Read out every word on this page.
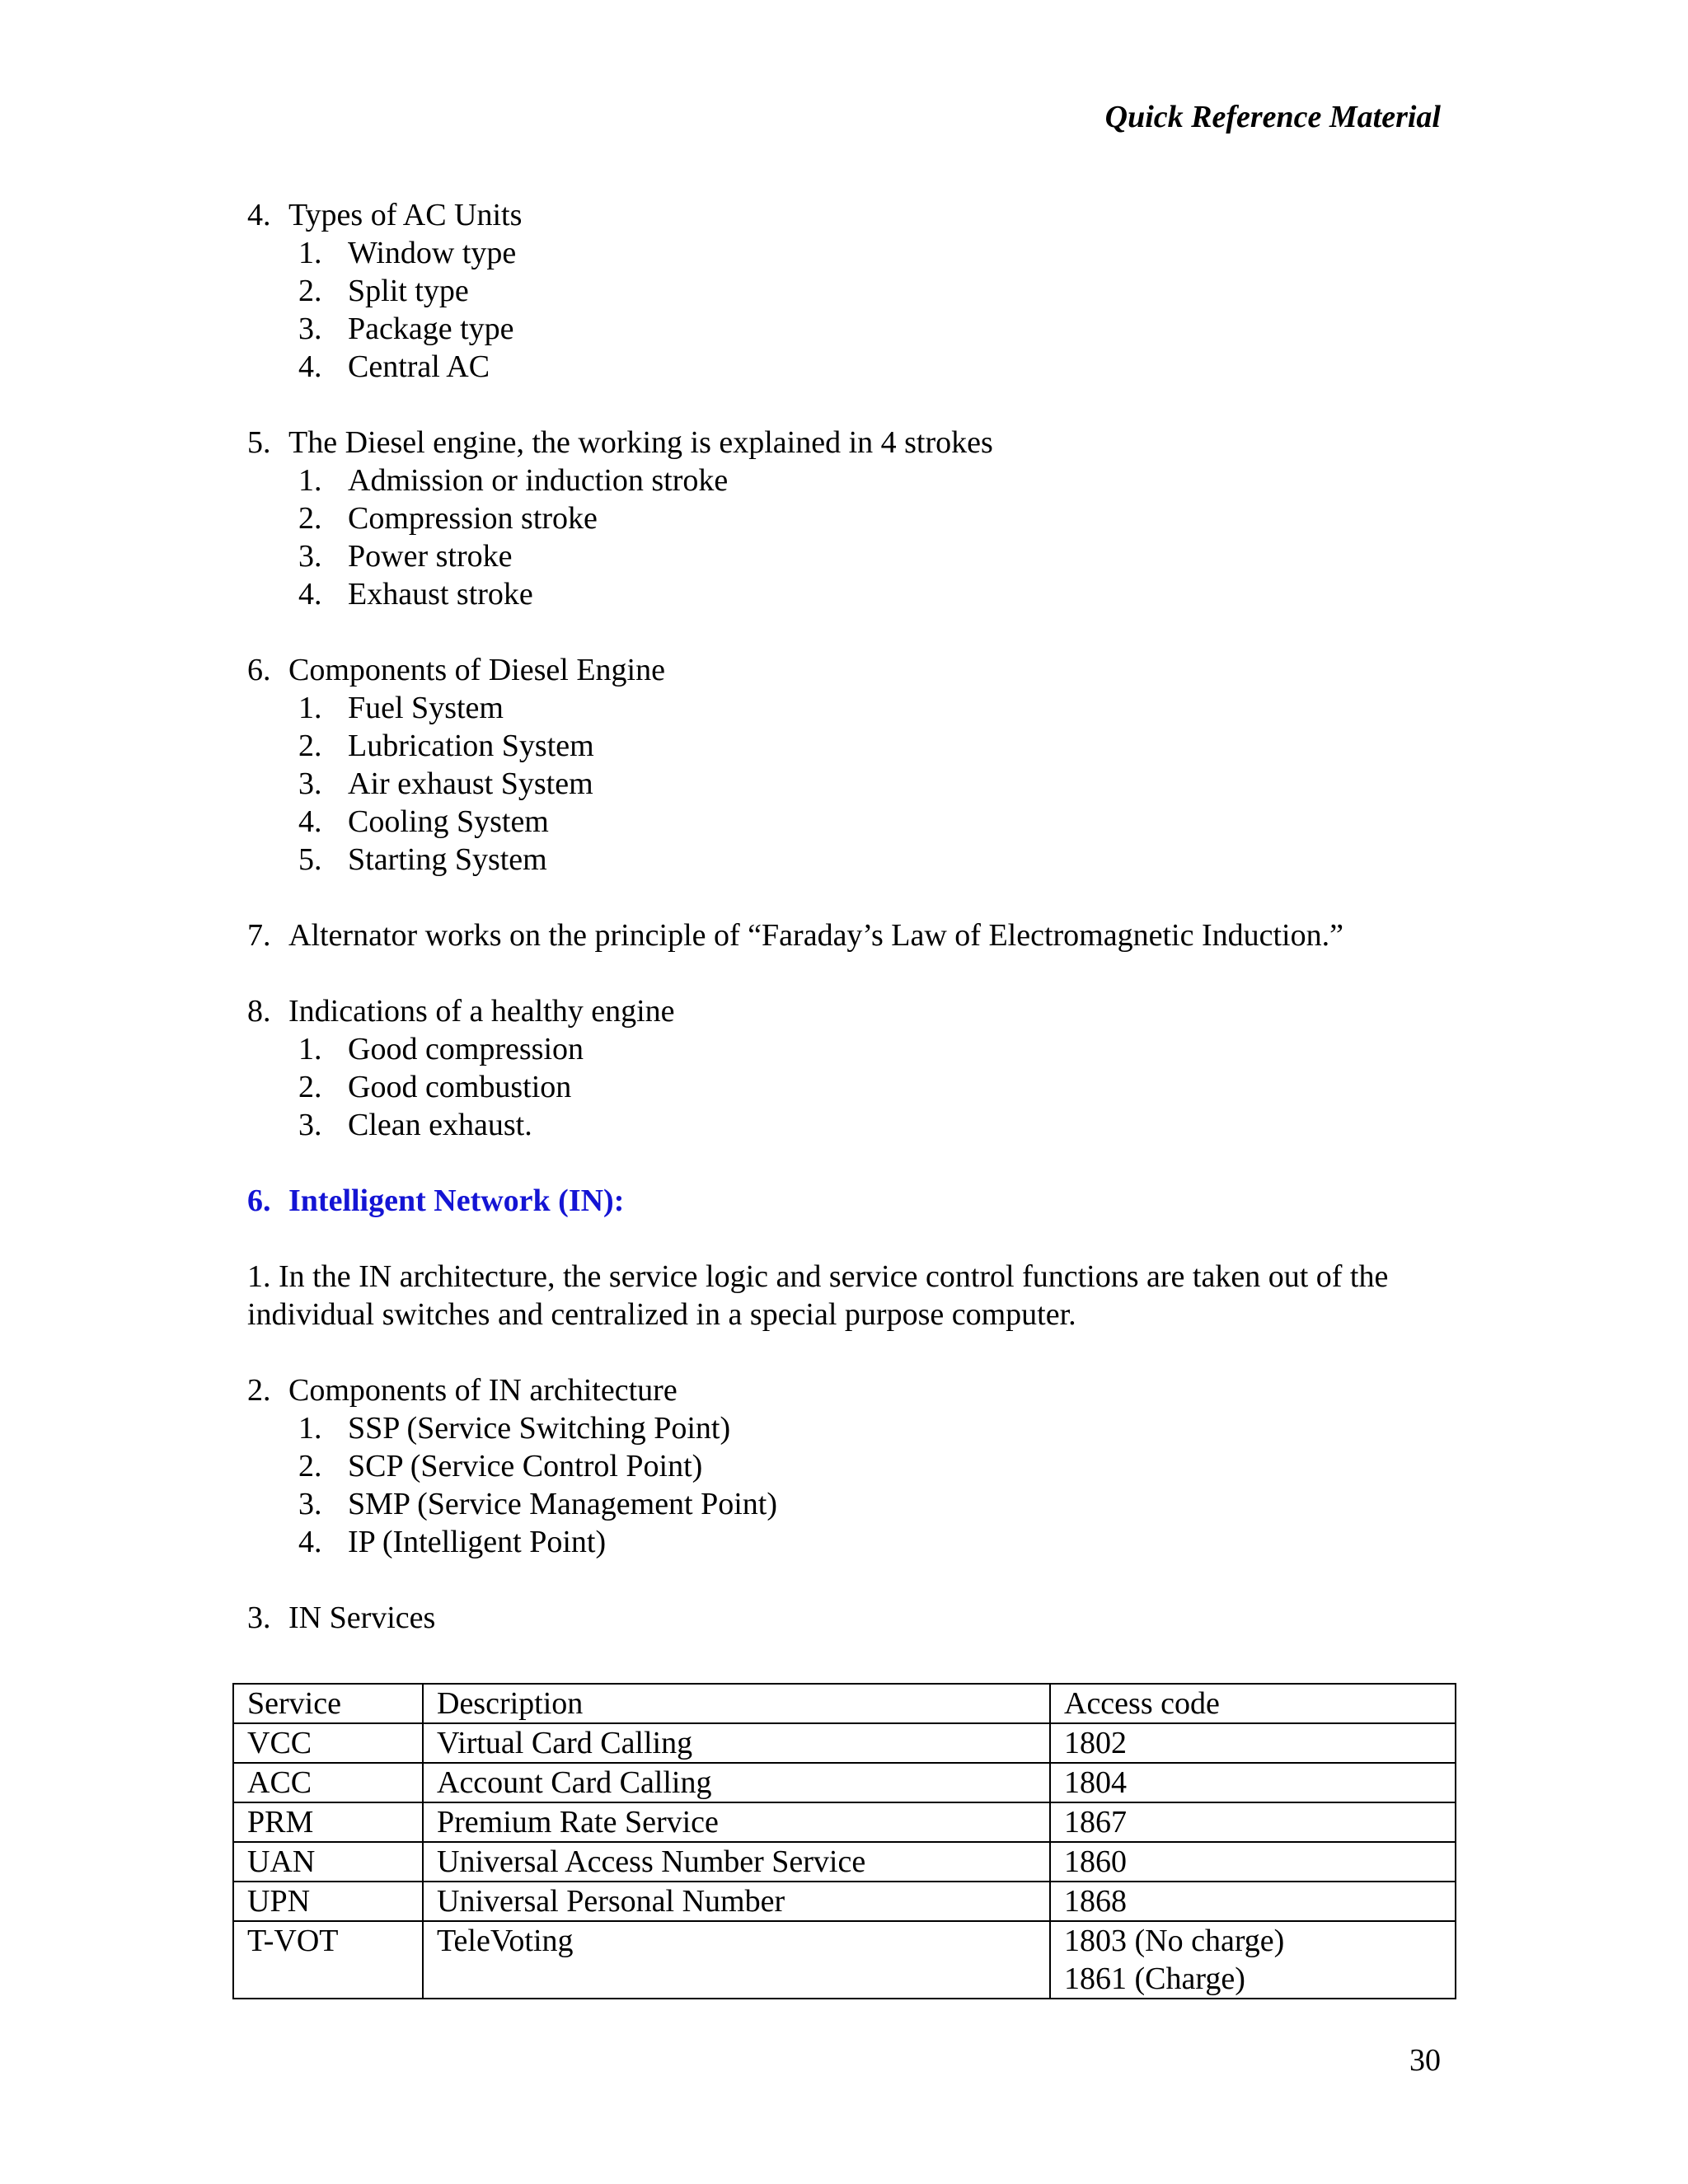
Quick Reference Material
4. Types of AC Units
1. Window type
2. Split type
3. Package type
4. Central AC
5. The Diesel engine, the working is explained in 4 strokes
1. Admission or induction stroke
2. Compression stroke
3. Power stroke
4. Exhaust stroke
6. Components of Diesel Engine
1. Fuel System
2. Lubrication System
3. Air exhaust System
4. Cooling System
5. Starting System
7. Alternator works on the principle of “Faraday’s Law of Electromagnetic Induction.”
8. Indications of a healthy engine
1. Good compression
2. Good combustion
3. Clean exhaust.
6. Intelligent Network (IN):
1. In the IN architecture, the service logic and service control functions are taken out of the individual switches and centralized in a special purpose computer.
2. Components of IN architecture
1. SSP (Service Switching Point)
2. SCP (Service Control Point)
3. SMP (Service Management Point)
4. IP (Intelligent Point)
3. IN Services
Service	Description	Access code
VCC	Virtual Card Calling	1802
ACC	Account Card Calling	1804
PRM	Premium Rate Service	1867
UAN	Universal Access Number Service	1860
UPN	Universal Personal Number	1868
T-VOT	TeleVoting	1803 (No charge)
1861 (Charge)
30
